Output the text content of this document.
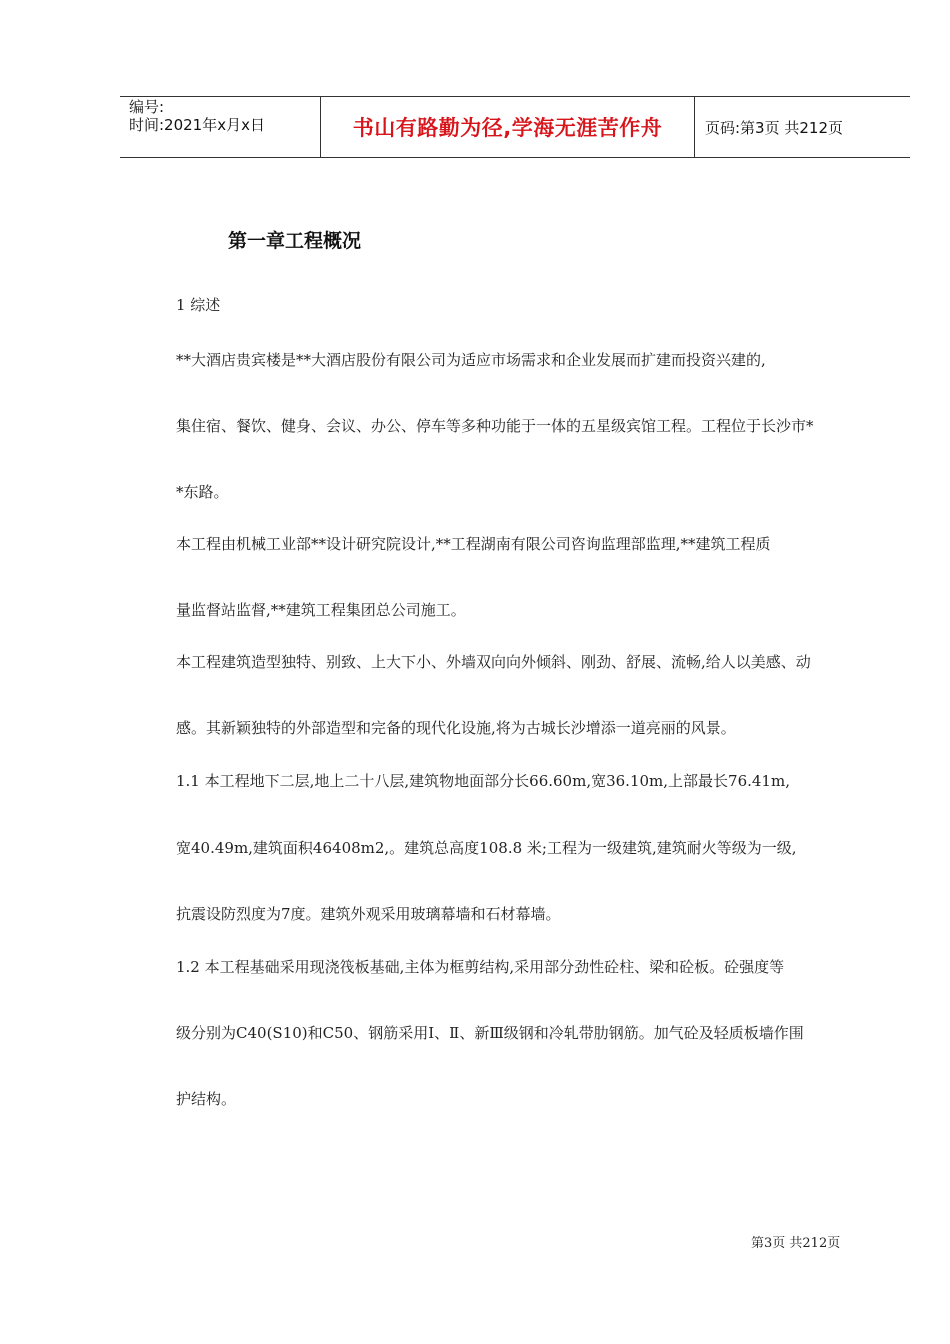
编号:
时间:2021年x月x日	书山有路勤为径,学海无涯苦作舟	页码:第3页 共212页
第一章工程概况
1 综述
**大酒店贵宾楼是**大酒店股份有限公司为适应市场需求和企业发展而扩建而投资兴建的,
集住宿、餐饮、健身、会议、办公、停车等多种功能于一体的五星级宾馆工程。工程位于长沙市*
*东路。
本工程由机械工业部**设计研究院设计,**工程湖南有限公司咨询监理部监理,**建筑工程质
量监督站监督,**建筑工程集团总公司施工。
本工程建筑造型独特、别致、上大下小、外墙双向向外倾斜、刚劲、舒展、流畅,给人以美感、动
感。其新颖独特的外部造型和完备的现代化设施,将为古城长沙增添一道亮丽的风景。
1.1 本工程地下二层,地上二十八层,建筑物地面部分长66.60m,宽36.10m,上部最长76.41m,
宽40.49m,建筑面积46408m2,。建筑总高度108.8 米;工程为一级建筑,建筑耐火等级为一级,
抗震设防烈度为7度。建筑外观采用玻璃幕墙和石材幕墙。
1.2 本工程基础采用现浇筏板基础,主体为框剪结构,采用部分劲性砼柱、梁和砼板。砼强度等
级分别为C40(S10)和C50、钢筋采用Ⅰ、Ⅱ、新Ⅲ级钢和冷轧带肋钢筋。加气砼及轻质板墙作围
护结构。
第3页 共212页
